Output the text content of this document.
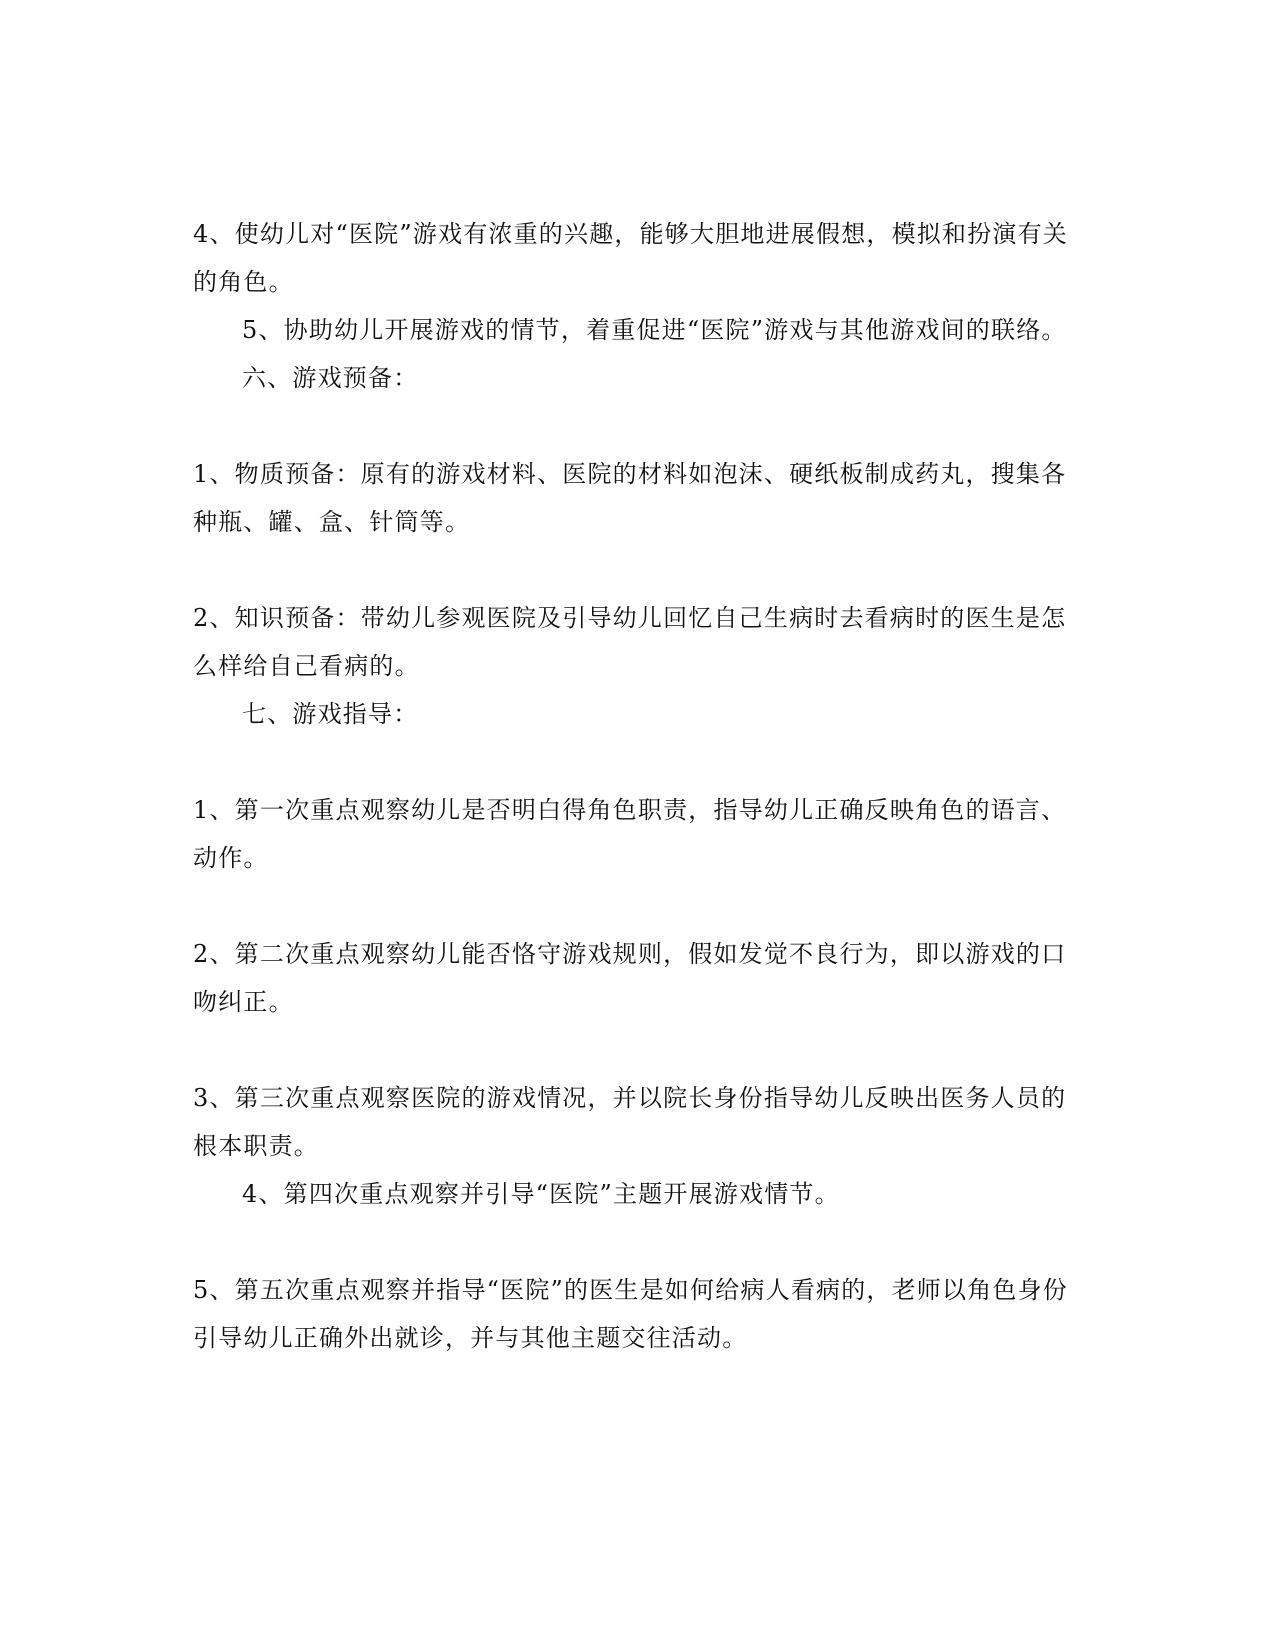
4、使幼儿对“医院”游戏有浓重的兴趣，能够大胆地进展假想，模拟和扮演有关的角色。

5、协助幼儿开展游戏的情节，着重促进“医院”游戏与其他游戏间的联络。

六、游戏预备：

1、物质预备：原有的游戏材料、医院的材料如泡沫、硬纸板制成药丸，搜集各种瓶、罐、盒、针筒等。

2、知识预备：带幼儿参观医院及引导幼儿回忆自己生病时去看病时的医生是怎么样给自己看病的。

七、游戏指导：

1、第一次重点观察幼儿是否明白得角色职责，指导幼儿正确反映角色的语言、动作。

2、第二次重点观察幼儿能否恪守游戏规则，假如发觉不良行为，即以游戏的口吻纠正。

3、第三次重点观察医院的游戏情况，并以院长身份指导幼儿反映出医务人员的根本职责。

4、第四次重点观察并引导“医院”主题开展游戏情节。

5、第五次重点观察并指导“医院”的医生是如何给病人看病的，老师以角色身份引导幼儿正确外出就诊，并与其他主题交往活动。
